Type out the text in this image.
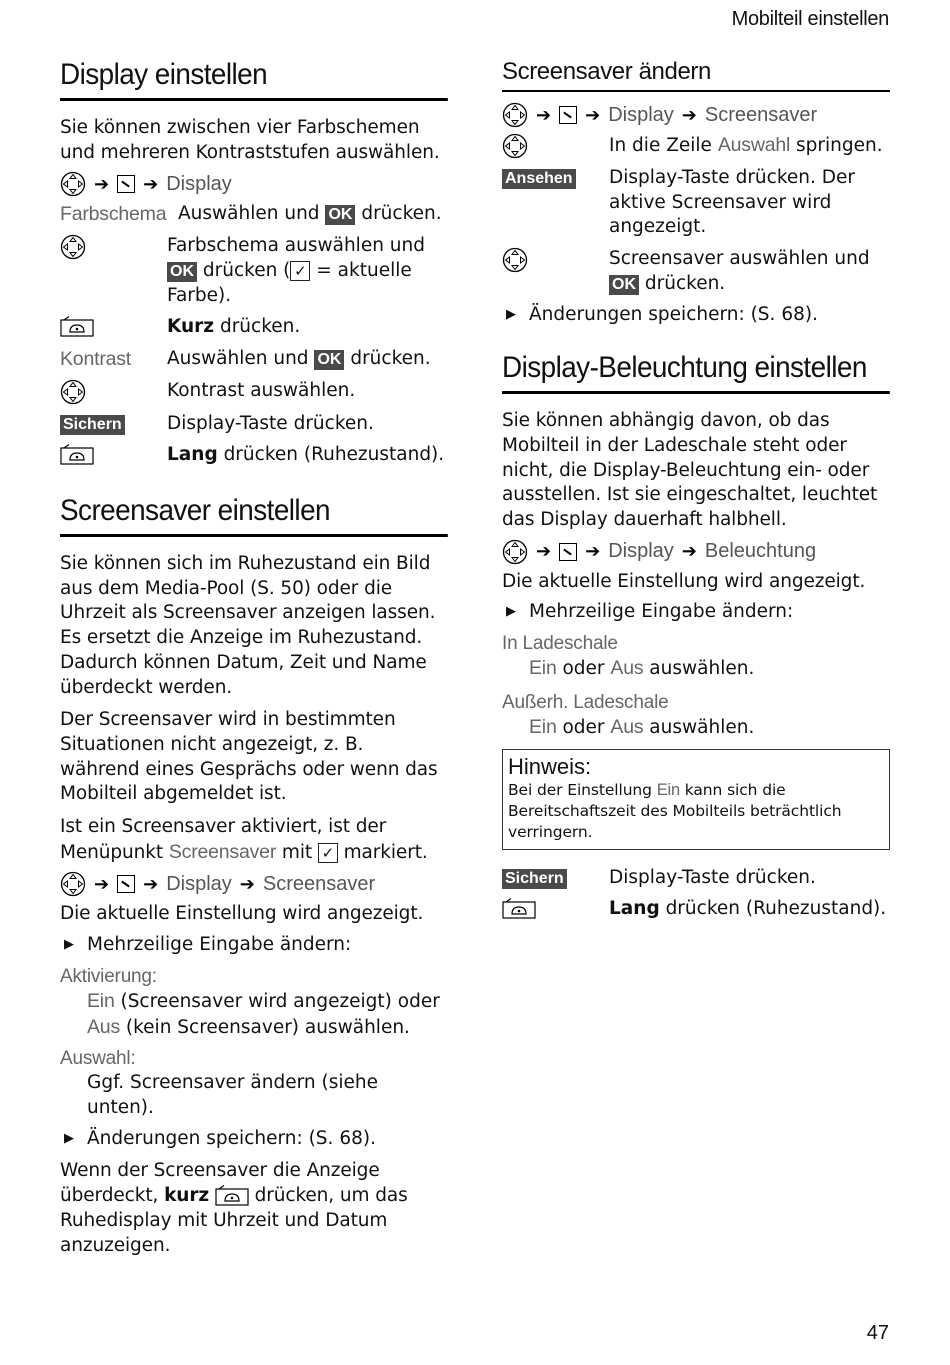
Mobilteil einstellen
Display einstellen

Sie können zwischen vier Farbschemen und mehreren Kontraststufen auswählen.

➔ ➔ Display
Farbschema Auswählen und OK drücken.
Farbschema auswählen und OK drücken ( ✓ = aktuelle Farbe).
Kurz drücken.
Kontrast	Auswählen und OK drücken.
Kontrast auswählen.
Sichern	Display-Taste drücken.
Lang drücken (Ruhezustand).
Screensaver einstellen

Sie können sich im Ruhezustand ein Bild aus dem Media-Pool (S. 50) oder die Uhrzeit als Screensaver anzeigen lassen. Es ersetzt die Anzeige im Ruhezustand. Dadurch können Datum, Zeit und Name überdeckt werden.

Der Screensaver wird in bestimmten Situationen nicht angezeigt, z. B. während eines Gesprächs oder wenn das Mobilteil abgemeldet ist.

Ist ein Screensaver aktiviert, ist der Menüpunkt Screensaver mit ✓ markiert.

➔ ➔ Display ➔ Screensaver

Die aktuelle Einstellung wird angezeigt.

▶ Mehrzeilige Eingabe ändern:
Aktivierung:
Ein (Screensaver wird angezeigt) oder
Aus (kein Screensaver) auswählen.
Auswahl:
Ggf. Screensaver ändern (siehe unten).
▶ Änderungen speichern: (S. 68).

Wenn der Screensaver die Anzeige überdeckt, kurz drücken, um das Ruhedisplay mit Uhrzeit und Datum anzuzeigen.

Screensaver ändern
➔ ➔ Display ➔ Screensaver
In die Zeile Auswahl springen.
Ansehen	Display-Taste drücken. Der aktive Screensaver wird angezeigt.
Screensaver auswählen und
OK drücken.
▶ Änderungen speichern: (S. 68).
Display-Beleuchtung einstellen

Sie können abhängig davon, ob das Mobilteil in der Ladeschale steht oder nicht, die Display-Beleuchtung ein- oder ausstellen. Ist sie eingeschaltet, leuchtet das Display dauerhaft halbhell.

➔ ➔ Display ➔ Beleuchtung

Die aktuelle Einstellung wird angezeigt.

▶ Mehrzeilige Eingabe ändern:
In Ladeschale
Ein oder Aus auswählen.
Außerh. Ladeschale
Ein oder Aus auswählen.
Hinweis:
Bei der Einstellung Ein kann sich die Bereitschaftszeit des Mobilteils beträchtlich verringern.
Sichern	Display-Taste drücken.
Lang drücken (Ruhezustand).
47
